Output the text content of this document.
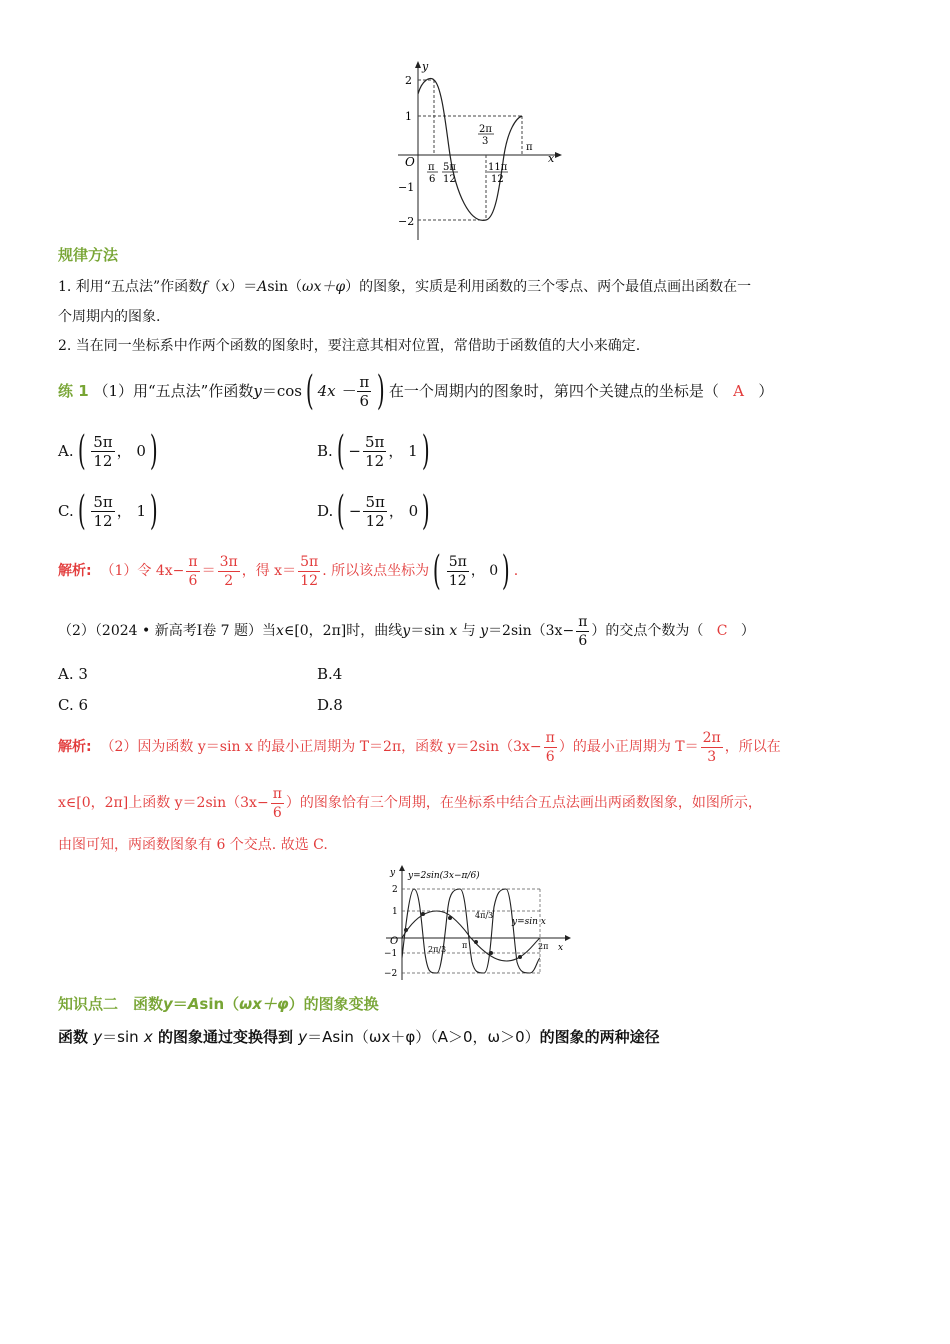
y
x
O
2
1
−1
−2
π
6
5π
12
2π
3
11π
12
π
规律方法
1. 利用“五点法”作函数f（x）＝Asin（ωx＋φ）的图象，实质是利用函数的三个零点、两个最值点画出函数在一
个周期内的图象.
2. 当在同一坐标系中作两个函数的图象时，要注意其相对位置，常借助于函数值的大小来确定.
练 1
（1）用“五点法”作函数 y ＝cos ( $4x - \frac{\pi}{6}$ ) 在一个周期内的图象时，第四个关键点的坐标是（
A
）
A. ( $\frac{5\pi}{12}$ ， 0 )	B. ( − $\frac{5\pi}{12}$ ， 1 )
C. ( $\frac{5\pi}{12}$ ， 1 )	D. ( − $\frac{5\pi}{12}$ ， 0 )
解析:
（1）令 $4x- \frac{\pi}{6} = \frac{3\pi}{2}$ ，得 $x= \frac{5\pi}{12}$ . 所以该点坐标为 ( $\frac{5\pi}{12}$ ， 0 ) .
（2）（2024 • 新高考Ⅰ卷 7 题）当 x ∈[0，2π]时，曲线 y ＝sin
x
与
$y =2\sin(3x- \frac{\pi}{6}$ ）的交点个数为（
C
）
A. 3	B.4
C. 6	D.8
解析:
（2）因为函数 y＝sin x 的最小正周期为 T＝2π，函数 $y=2\sin(3x- \frac{\pi}{6}$ ）的最小正周期为 $T= \frac{2\pi}{3}$ ，所以在
x∈[0，2π]上函数 $y=2\sin(3x- \frac{\pi}{6}$ ）的图象恰有三个周期，在坐标系中结合五点法画出两函数图象，如图所示，
由图可知，两函数图象有 6 个交点. 故选 C.
y
x
O
2
1
−1
−2
y=2sin(3x−π/6)
y=sin x
2π/3 π
4π/3
2π
知识点二　函数y＝Asin（ωx＋φ）的图象变换
函数 y＝sin x 的图象通过变换得到 y＝Asin（ωx＋φ）（A＞0，ω＞0）的图象的两种途径
